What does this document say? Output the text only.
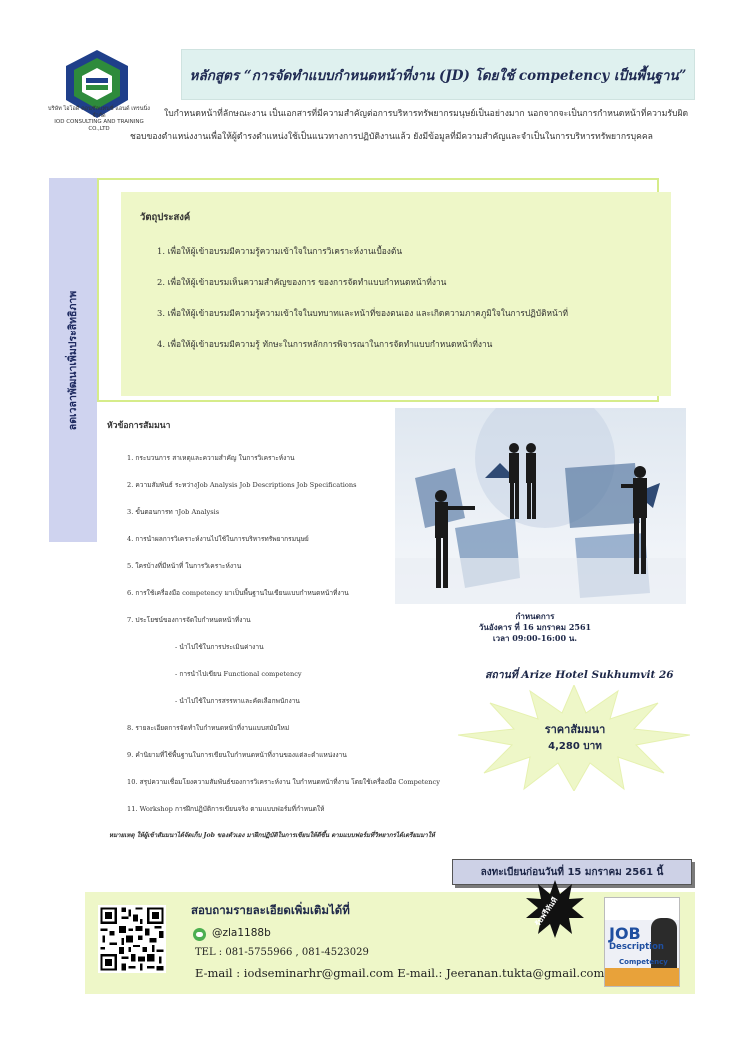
บริษัท ไอโอดี คอนซัลแทนซี่ แอนด์ เทรนนิ่ง จำกัด
IOD CONSULTING AND TRAINING CO.,LTD
หลักสูตร “การจัดทำแบบกำหนดหน้าที่งาน (JD) โดยใช้ competency เป็นพื้นฐาน”

ใบกำหนดหน้าที่ลักษณะงาน เป็นเอกสารที่มีความสำคัญต่อการบริหารทรัพยากรมนุษย์เป็นอย่างมาก นอกจากจะเป็นการกำหนดหน้าที่ความรับผิดชอบของตำแหน่งงานเพื่อให้ผู้ดำรงตำแหน่งใช้เป็นแนวทางการปฏิบัติงานแล้ว ยังมีข้อมูลที่มีความสำคัญและจำเป็นในการบริหารทรัพยากรบุคคล

ลดเวลาพัฒนาเพิ่มประสิทธิภาพ
วัตถุประสงค์
1. เพื่อให้ผู้เข้าอบรมมีความรู้ความเข้าใจในการวิเคราะห์งานเบื้องต้น
2. เพื่อให้ผู้เข้าอบรมเห็นความสำคัญของการ ของการจัดทำแบบกำหนดหน้าที่งาน
3. เพื่อให้ผู้เข้าอบรมมีความรู้ความเข้าใจในบทบาทและหน้าที่ของตนเอง และเกิดความภาคภูมิใจในการปฏิบัติหน้าที่
4. เพื่อให้ผู้เข้าอบรมมีความรู้ ทักษะในการหลักการพิจารณาในการจัดทำแบบกำหนดหน้าที่งาน
หัวข้อการสัมมนา
1. กระบวนการ สาเหตุและความสำคัญ ในการวิเคราะห์งาน
2. ความสัมพันธ์ ระหว่างJob Analysis Job Descriptions Job Specifications
3. ขั้นตอนการท าJob Analysis
4. การนำผลการวิเคราะห์งานไปใช้ในการบริหารทรัพยากรมนุษย์
5. ใครบ้างที่มีหน้าที่ ในการวิเคราะห์งาน
6. การใช้เครื่องมือ competency มาเป็นพื้นฐานในเขียนแบบกำหนดหน้าที่งาน
7. ประโยชน์ของการจัดใบกำหนดหน้าที่งาน
- นำไปใช้ในการประเมินค่างาน
- การนำไปเขียน Functional competency
- นำไปใช้ในการสรรหาและคัดเลือกพนักงาน
8. รายละเอียดการจัดทำใบกำหนดหน้าที่งานแบบสมัยใหม่
9. คำนิยามที่ใช้พื้นฐานในการเขียนใบกำหนดหน้าที่งานของแต่ละตำแหน่งงาน
10. สรุปความเชื่อมโยงความสัมพันธ์ของการวิเคราะห์งาน ใบกำหนดหน้าที่งาน โดยใช้เครื่องมือ Competency
11. Workshop การฝึกปฏิบัติการเขียนจริง ตามแบบฟอร์มที่กำหนดให้
กำหนดการ
วันอังคาร ที่ 16 มกราคม 2561
เวลา 09:00-16:00 น.
สถานที่ Arize Hotel Sukhumvit 26
ราคาสัมมนา
4,280 บาท
หมายเหตุ ให้ผู้เข้าสัมมนาได้จัดเก็บ Job ของตัวเอง มาฝึกปฏิบัติในการเขียนให้ดีขึ้น ตามแบบฟอร์มที่วิทยากรได้เตรียมมาให้
ลงทะเบียนก่อนวันที่ 15 มกราคม 2561 นี้
สอบถามรายละเอียดเพิ่มเติมได้ที่
@zla1188b
TEL : 081-5755966 , 081-4523029
E-mail : iodseminarhr@gmail.com E-mail.: Jeeranan.tukta@gmail.com
รับฟรีทันที
JOB
Description
Competency
